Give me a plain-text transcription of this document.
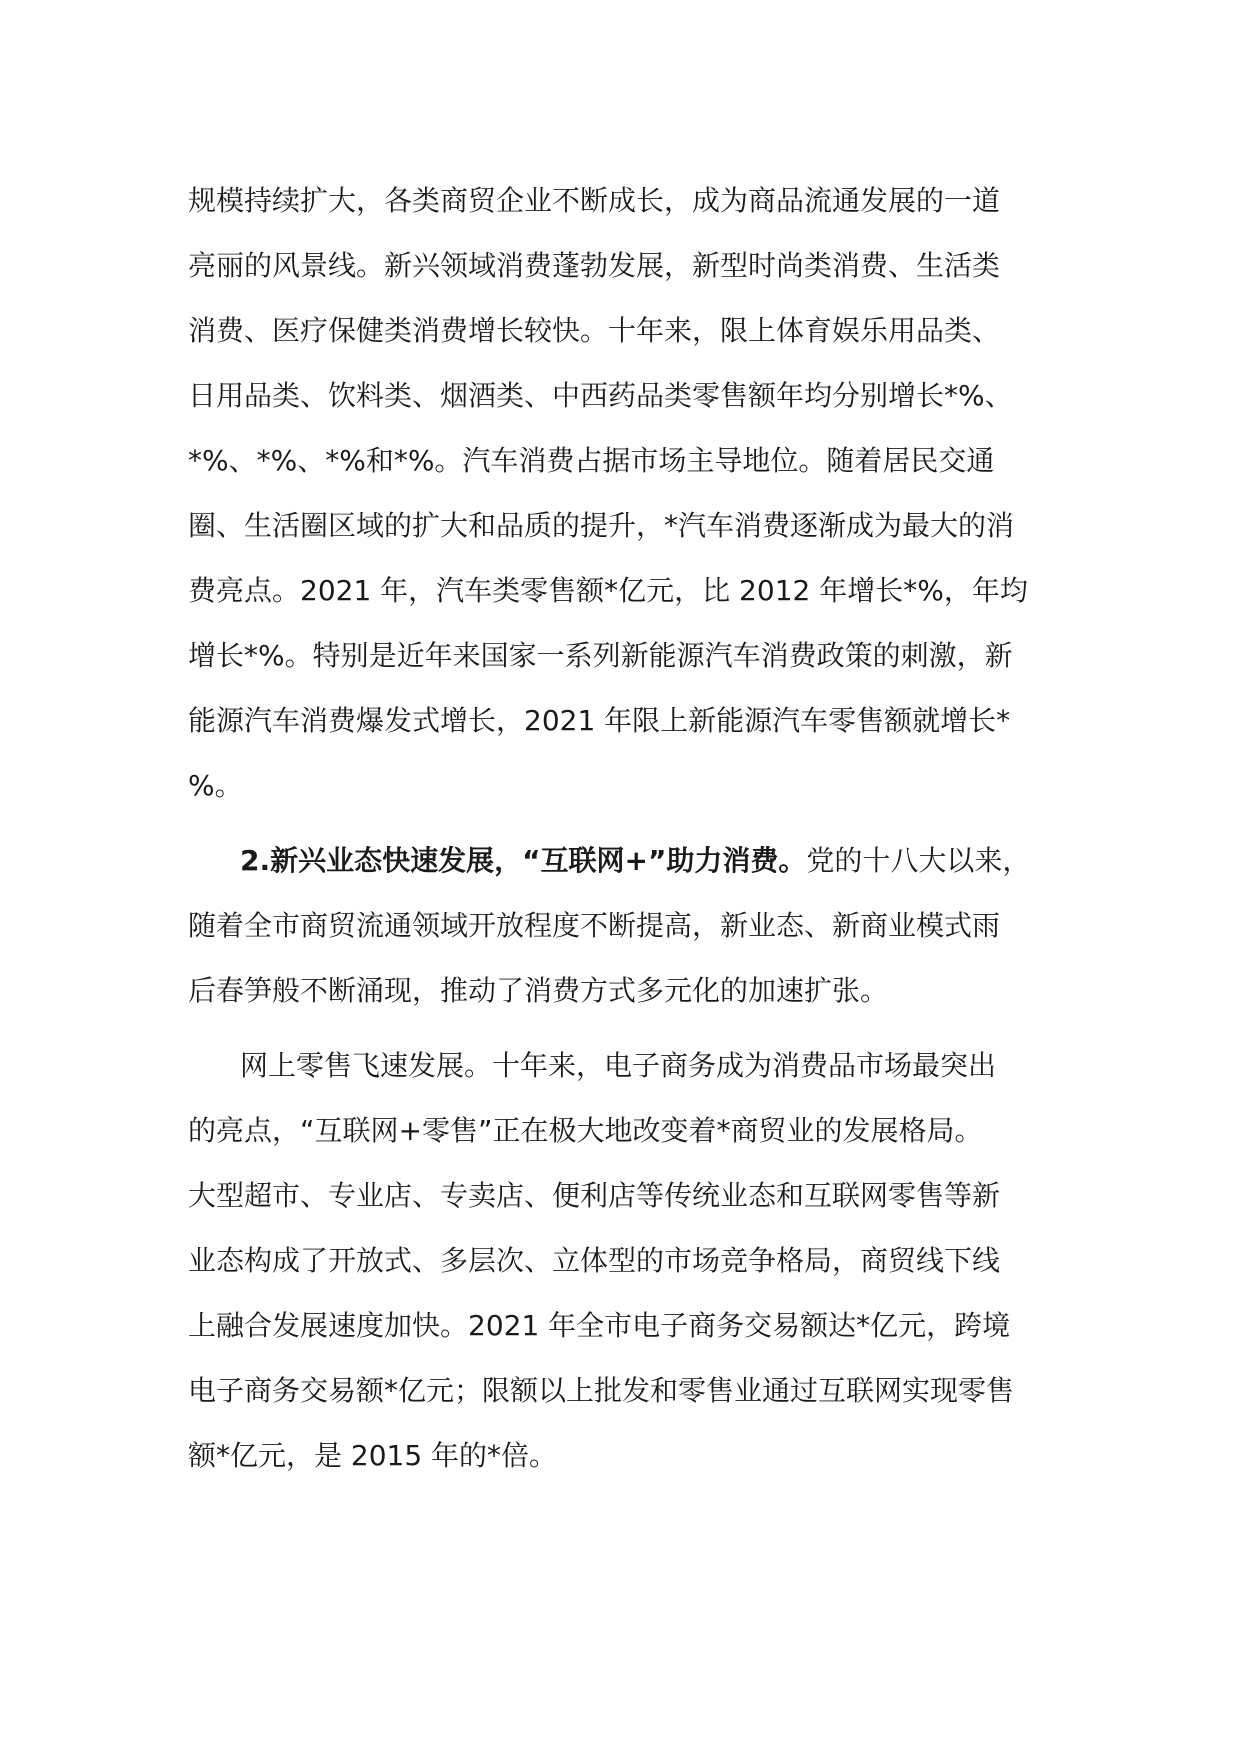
规模持续扩大，各类商贸企业不断成长，成为商品流通发展的一道
亮丽的风景线。新兴领域消费蓬勃发展，新型时尚类消费、生活类
消费、医疗保健类消费增长较快。十年来，限上体育娱乐用品类、
日用品类、饮料类、烟酒类、中西药品类零售额年均分别增长*%、
*%、*%、*%和*%。汽车消费占据市场主导地位。随着居民交通
圈、生活圈区域的扩大和品质的提升，*汽车消费逐渐成为最大的消
费亮点。2021 年，汽车类零售额*亿元，比 2012 年增长*%，年均
增长*%。特别是近年来国家一系列新能源汽车消费政策的刺激，新
能源汽车消费爆发式增长，2021 年限上新能源汽车零售额就增长*
%。
2.新兴业态快速发展，“互联网+”助力消费。党的十八大以来，
随着全市商贸流通领域开放程度不断提高，新业态、新商业模式雨
后春笋般不断涌现，推动了消费方式多元化的加速扩张。
网上零售飞速发展。十年来，电子商务成为消费品市场最突出
的亮点，“互联网+零售”正在极大地改变着*商贸业的发展格局。
大型超市、专业店、专卖店、便利店等传统业态和互联网零售等新
业态构成了开放式、多层次、立体型的市场竞争格局，商贸线下线
上融合发展速度加快。2021 年全市电子商务交易额达*亿元，跨境
电子商务交易额*亿元；限额以上批发和零售业通过互联网实现零售
额*亿元，是 2015 年的*倍。
